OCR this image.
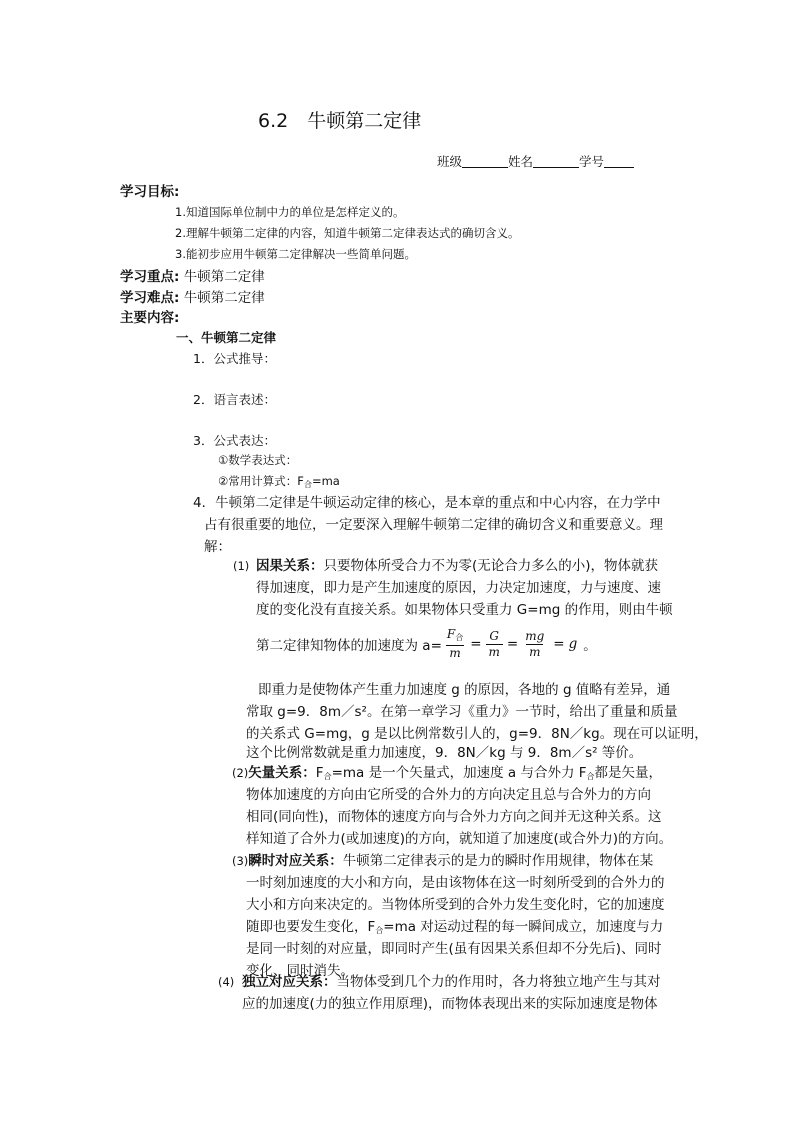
6.2　牛顿第二定律
班级	姓名	学号
学习目标:
1.知道国际单位制中力的单位是怎样定义的。
2.理解牛顿第二定律的内容，知道牛顿第二定律表达式的确切含义。
3.能初步应用牛顿第二定律解决一些简单问题。
学习重点: 牛顿第二定律
学习难点: 牛顿第二定律
主要内容:
一、牛顿第二定律
1．公式推导：
2．语言表述：
3．公式表达：
①数学表达式：
②常用计算式：$F_合=ma$
4．牛顿第二定律是牛顿运动定律的核心，是本章的重点和中心内容，在力学中
占有很重要的地位，一定要深入理解牛顿第二定律的确切含义和重要意义。理
解：
(1) 因果关系：只要物体所受合力不为零(无论合力多么的小)，物体就获
得加速度，即力是产生加速度的原因，力决定加速度，力与速度、速
度的变化没有直接关系。如果物体只受重力 G=mg 的作用，则由牛顿
第二定律知物体的加速度为 $a= \frac{F_合}{m} = \frac{G}{m} = \frac{mg}{m} = g$ 。
即重力是使物体产生重力加速度 g 的原因，各地的 g 值略有差异，通
常取 g=9．8m／s²。在第一章学习《重力》一节时，给出了重量和质量
的关系式 G=mg，g 是以比例常数引人的，g=9．8N／kg。现在可以证明，
这个比例常数就是重力加速度，9．8N／kg 与 9．8m／s² 等价。
(2)矢量关系：$F_合=ma$ 是一个矢量式，加速度 a 与合外力 $F_合$都是矢量，
物体加速度的方向由它所受的合外力的方向决定且总与合外力的方向
相同(同向性)，而物体的速度方向与合外力方向之间并无这种关系。这
样知道了合外力(或加速度)的方向，就知道了加速度(或合外力)的方向。
(3)瞬时对应关系：牛顿第二定律表示的是力的瞬时作用规律，物体在某
一时刻加速度的大小和方向，是由该物体在这一时刻所受到的合外力的
大小和方向来决定的。当物体所受到的合外力发生变化时，它的加速度
随即也要发生变化，$F_合=ma$ 对运动过程的每一瞬间成立，加速度与力
是同一时刻的对应量，即同时产生(虽有因果关系但却不分先后)、同时
变化、同时消失。
(4) 独立对应关系：当物体受到几个力的作用时，各力将独立地产生与其对
应的加速度(力的独立作用原理)，而物体表现出来的实际加速度是物体
